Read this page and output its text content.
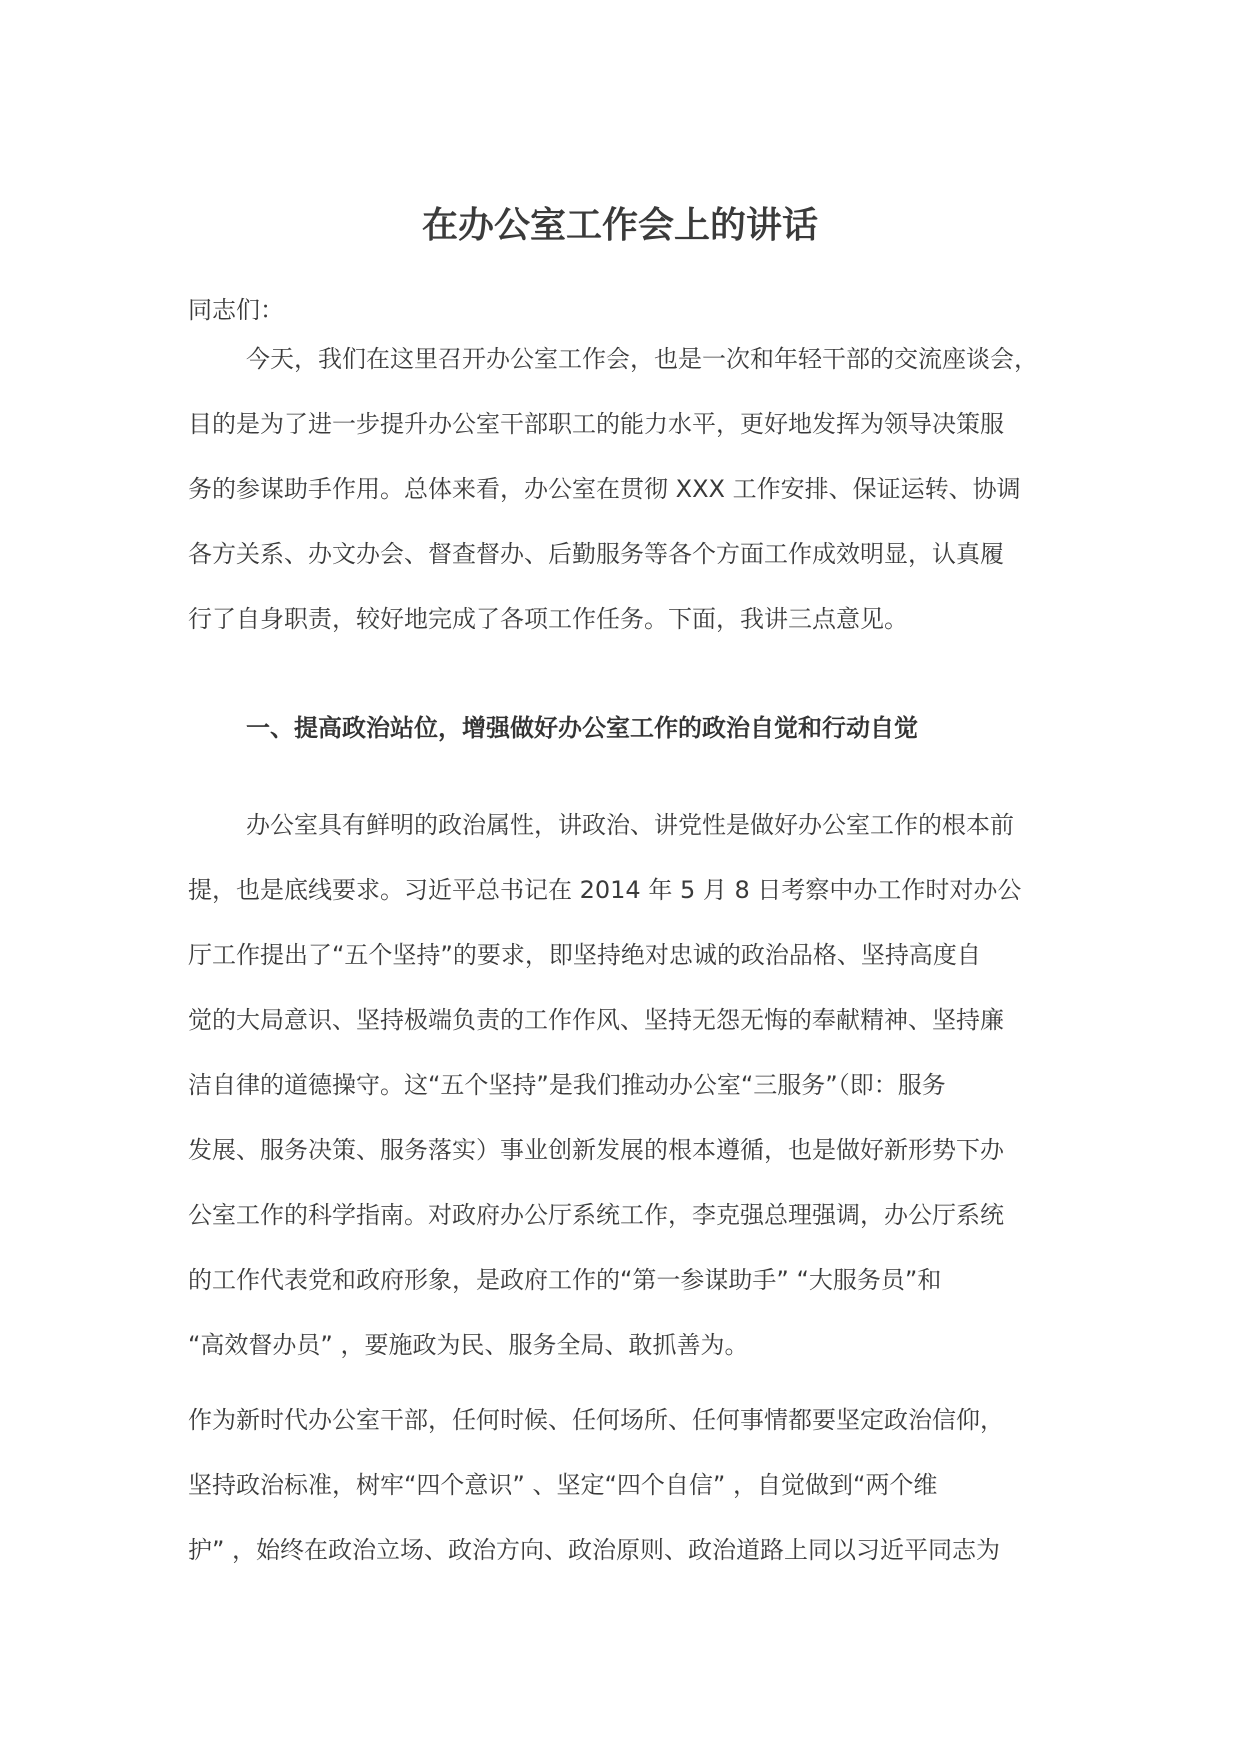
在办公室工作会上的讲话
同志们：
今天，我们在这里召开办公室工作会，也是一次和年轻干部的交流座谈会，
目的是为了进一步提升办公室干部职工的能力水平，更好地发挥为领导决策服
务的参谋助手作用。总体来看，办公室在贯彻 XXX 工作安排、保证运转、协调
各方关系、办文办会、督查督办、后勤服务等各个方面工作成效明显，认真履
行了自身职责，较好地完成了各项工作任务。下面，我讲三点意见。
一、提高政治站位，增强做好办公室工作的政治自觉和行动自觉
办公室具有鲜明的政治属性，讲政治、讲党性是做好办公室工作的根本前
提，也是底线要求。习近平总书记在 2014 年 5 月 8 日考察中办工作时对办公
厅工作提出了“五个坚持”的要求，即坚持绝对忠诚的政治品格、坚持高度自
觉的大局意识、坚持极端负责的工作作风、坚持无怨无悔的奉献精神、坚持廉
洁自律的道德操守。这“五个坚持”是我们推动办公室“三服务”（即：服务
发展、服务决策、服务落实）事业创新发展的根本遵循，也是做好新形势下办
公室工作的科学指南。对政府办公厅系统工作，李克强总理强调，办公厅系统
的工作代表党和政府形象，是政府工作的“第一参谋助手” “大服务员”和
“高效督办员” ，要施政为民、服务全局、敢抓善为。
作为新时代办公室干部，任何时候、任何场所、任何事情都要坚定政治信仰，
坚持政治标准，树牢“四个意识” 、坚定“四个自信” ，自觉做到“两个维
护” ，始终在政治立场、政治方向、政治原则、政治道路上同以习近平同志为
